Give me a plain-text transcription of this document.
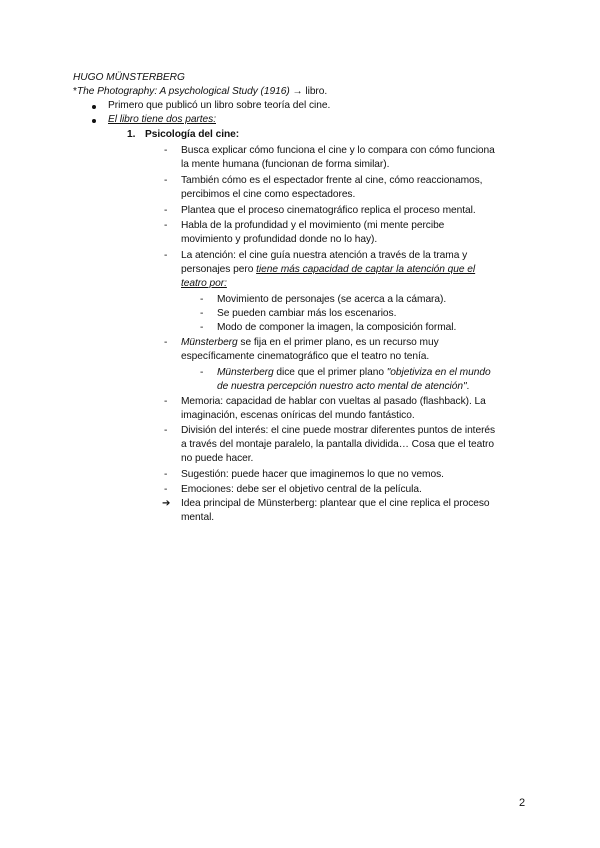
HUGO MÜNSTERBERG
*The Photography: A psychological Study (1916) → libro.
Primero que publicó un libro sobre teoría del cine.
El libro tiene dos partes:
1. Psicología del cine:
- Busca explicar cómo funciona el cine y lo compara con cómo funciona
la mente humana (funcionan de forma similar).
- También cómo es el espectador frente al cine, cómo reaccionamos,
percibimos el cine como espectadores.
- Plantea que el proceso cinematográfico replica el proceso mental.
- Habla de la profundidad y el movimiento (mi mente percibe
movimiento y profundidad donde no lo hay).
- La atención: el cine guía nuestra atención a través de la trama y
personajes pero tiene más capacidad de captar la atención que el
teatro por:
- Movimiento de personajes (se acerca a la cámara).
- Se pueden cambiar más los escenarios.
- Modo de componer la imagen, la composición formal.
- Münsterberg se fija en el primer plano, es un recurso muy
específicamente cinematográfico que el teatro no tenía.
- Münsterberg dice que el primer plano "objetiviza en el mundo
de nuestra percepción nuestro acto mental de atención".
- Memoria: capacidad de hablar con vueltas al pasado (flashback). La
imaginación, escenas oníricas del mundo fantástico.
- División del interés: el cine puede mostrar diferentes puntos de interés
a través del montaje paralelo, la pantalla dividida… Cosa que el teatro
no puede hacer.
- Sugestión: puede hacer que imaginemos lo que no vemos.
- Emociones: debe ser el objetivo central de la película.
➔ Idea principal de Münsterberg: plantear que el cine replica el proceso
mental.
2
